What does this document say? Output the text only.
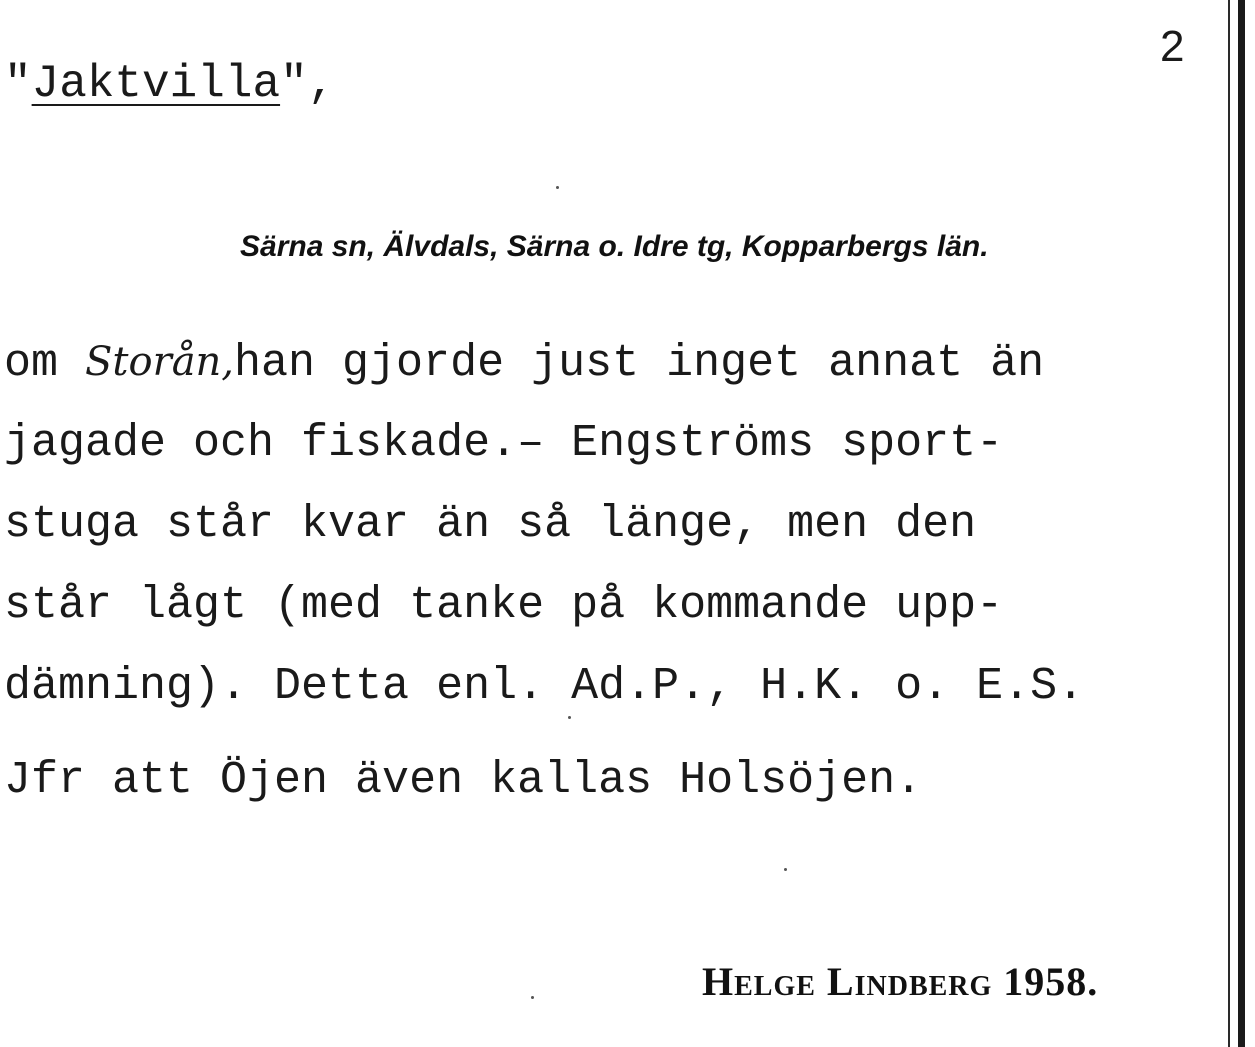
2
"Jaktvilla",
Särna sn, Älvdals, Särna o. Idre tg, Kopparbergs län.
om Storån,han gjorde just inget annat än
jagade och fiskade.– Engströms sport-
stuga står kvar än så länge, men den
står lågt (med tanke på kommande upp-
dämning). Detta enl. Ad.P., H.K. o. E.S.
Jfr att Öjen även kallas Holsöjen.
Helge Lindberg 1958.
